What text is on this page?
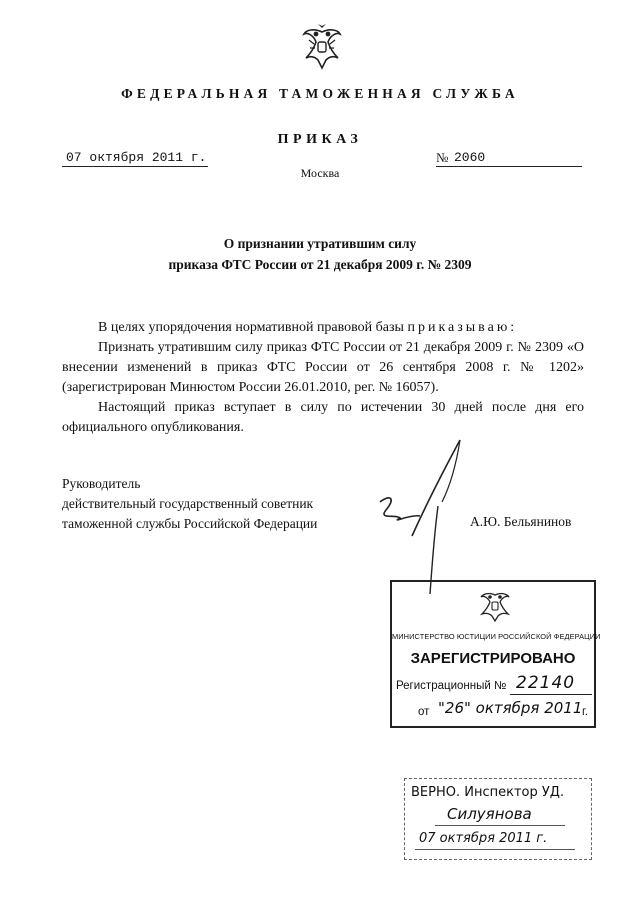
ФЕДЕРАЛЬНАЯ ТАМОЖЕННАЯ СЛУЖБА
ПРИКАЗ
07 октября 2011 г.	№ 2060
Москва
О признании утратившим силу
приказа ФТС России от 21 декабря 2009 г. № 2309

В целях упорядочения нормативной правовой базы приказываю:

Признать утратившим силу приказ ФТС России от 21 декабря 2009 г. № 2309 «О внесении изменений в приказ ФТС России от 26 сентября 2008 г. № 1202» (зарегистрирован Минюстом России 26.01.2010, рег. № 16057).

Настоящий приказ вступает в силу по истечении 30 дней после дня его официального опубликования.

Руководитель
действительный государственный советник
таможенной службы Российской Федерации	А.Ю. Бельянинов
МИНИСТЕРСТВО ЮСТИЦИИ РОССИЙСКОЙ ФЕДЕРАЦИИ
ЗАРЕГИСТРИРОВАНО
Регистрационный № 22140
от "26" октября 2011 г.
ВЕРНО. Инспектор УД.
Силуянова
07 октября 2011 г.
